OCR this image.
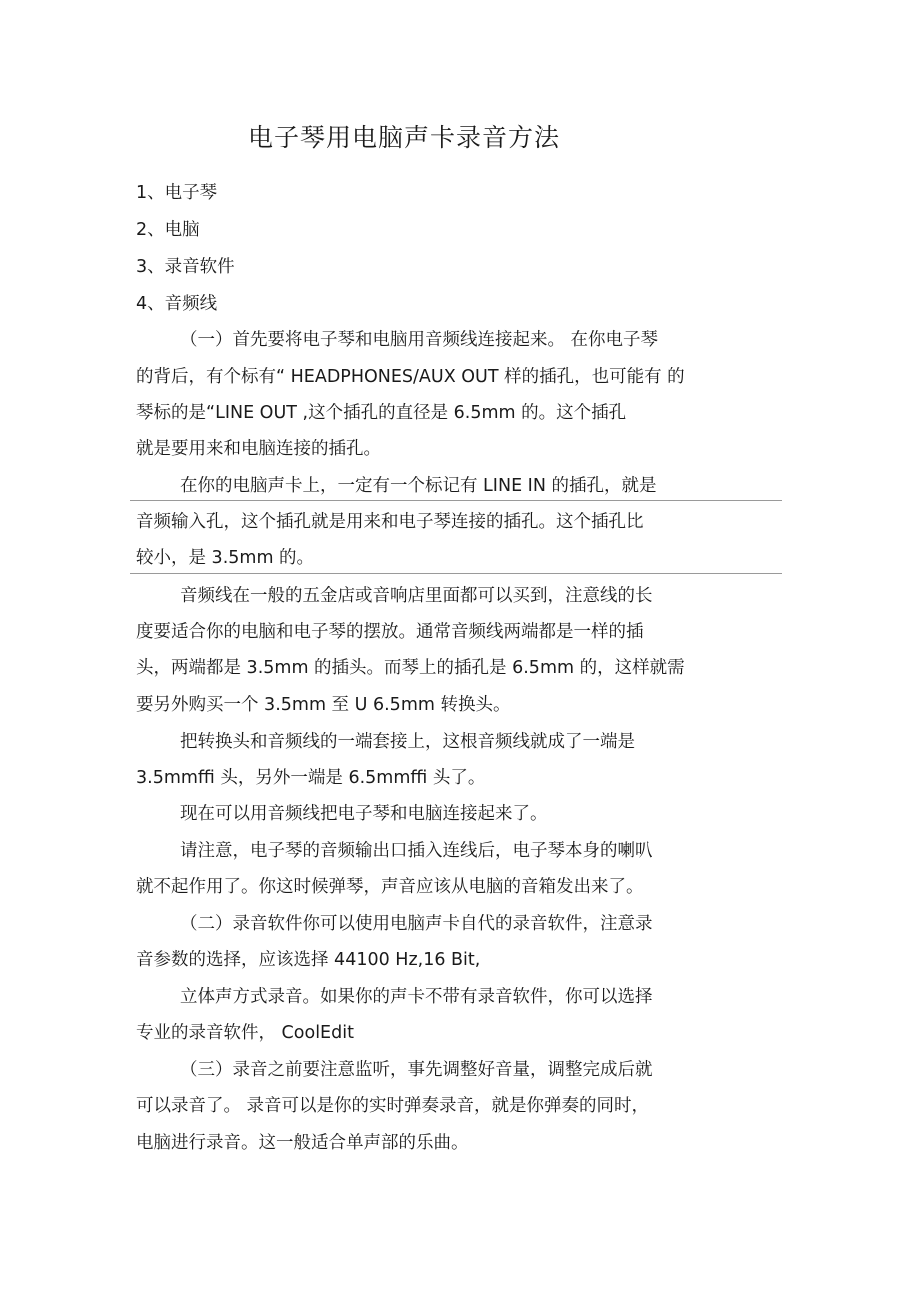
电子琴用电脑声卡录音方法
1、电子琴
2、电脑
3、录音软件
4、音频线
（一）首先要将电子琴和电脑用音频线连接起来。 在你电子琴
的背后，有个标有“ HEADPHONES/AUX OUT 样的插孔，也可能有 的
琴标的是“LINE OUT ,这个插孔的直径是 6.5mm 的。这个插孔
就是要用来和电脑连接的插孔。
在你的电脑声卡上，一定有一个标记有 LINE IN 的插孔，就是
音频输入孔，这个插孔就是用来和电子琴连接的插孔。这个插孔比
较小，是 3.5mm 的。
音频线在一般的五金店或音响店里面都可以买到，注意线的长
度要适合你的电脑和电子琴的摆放。通常音频线两端都是一样的插
头，两端都是 3.5mm 的插头。而琴上的插孔是 6.5mm 的，这样就需
要另外购买一个 3.5mm 至 U 6.5mm 转换头。
把转换头和音频线的一端套接上，这根音频线就成了一端是
3.5mmffi 头，另外一端是 6.5mmffi 头了。
现在可以用音频线把电子琴和电脑连接起来了。
请注意，电子琴的音频输出口插入连线后，电子琴本身的喇叭
就不起作用了。你这时候弹琴，声音应该从电脑的音箱发出来了。
（二）录音软件你可以使用电脑声卡自代的录音软件，注意录
音参数的选择，应该选择 44100 Hz,16 Bit,
立体声方式录音。如果你的声卡不带有录音软件，你可以选择
专业的录音软件， CoolEdit
（三）录音之前要注意监听，事先调整好音量，调整完成后就
可以录音了。 录音可以是你的实时弹奏录音，就是你弹奏的同时，
电脑进行录音。这一般适合单声部的乐曲。
